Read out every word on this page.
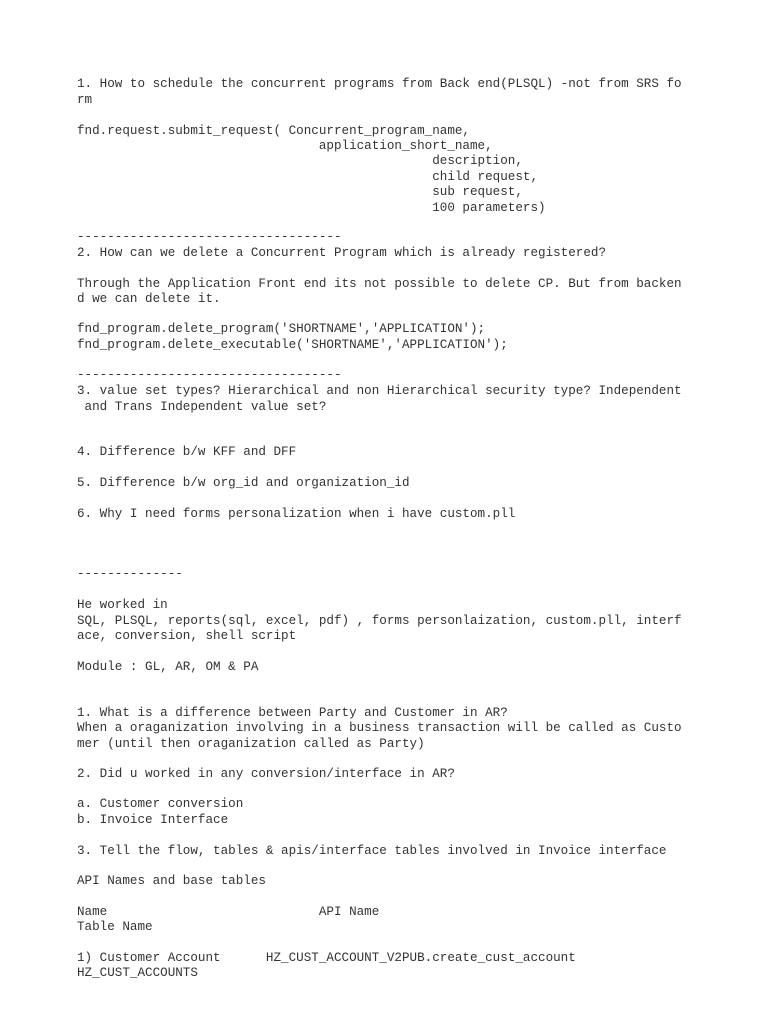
1. How to schedule the concurrent programs from Back end(PLSQL) -not from SRS fo

rm

fnd.request.submit_request( Concurrent_program_name,

application_short_name,

description,

child request,

sub request,

100 parameters)

-----------------------------------

2. How can we delete a Concurrent Program which is already registered?

Through the Application Front end its not possible to delete CP. But from backen

d we can delete it.

fnd_program.delete_program('SHORTNAME','APPLICATION');

fnd_program.delete_executable('SHORTNAME','APPLICATION');

-----------------------------------

3. value set types? Hierarchical and non Hierarchical security type? Independent

and Trans Independent value set?

4. Difference b/w KFF and DFF

5. Difference b/w org_id and organization_id

6. Why I need forms personalization when i have custom.pll

--------------

He worked in

SQL, PLSQL, reports(sql, excel, pdf) , forms personlaization, custom.pll, interf

ace, conversion, shell script

Module : GL, AR, OM & PA

1. What is a difference between Party and Customer in AR?

When a oraganization involving in a business transaction will be called as Custo

mer (until then oraganization called as Party)

2. Did u worked in any conversion/interface in AR?

a. Customer conversion

b. Invoice Interface

3. Tell the flow, tables & apis/interface tables involved in Invoice interface

API Names and base tables

Name                            API Name

Table Name

1) Customer Account      HZ_CUST_ACCOUNT_V2PUB.create_cust_account

HZ_CUST_ACCOUNTS
